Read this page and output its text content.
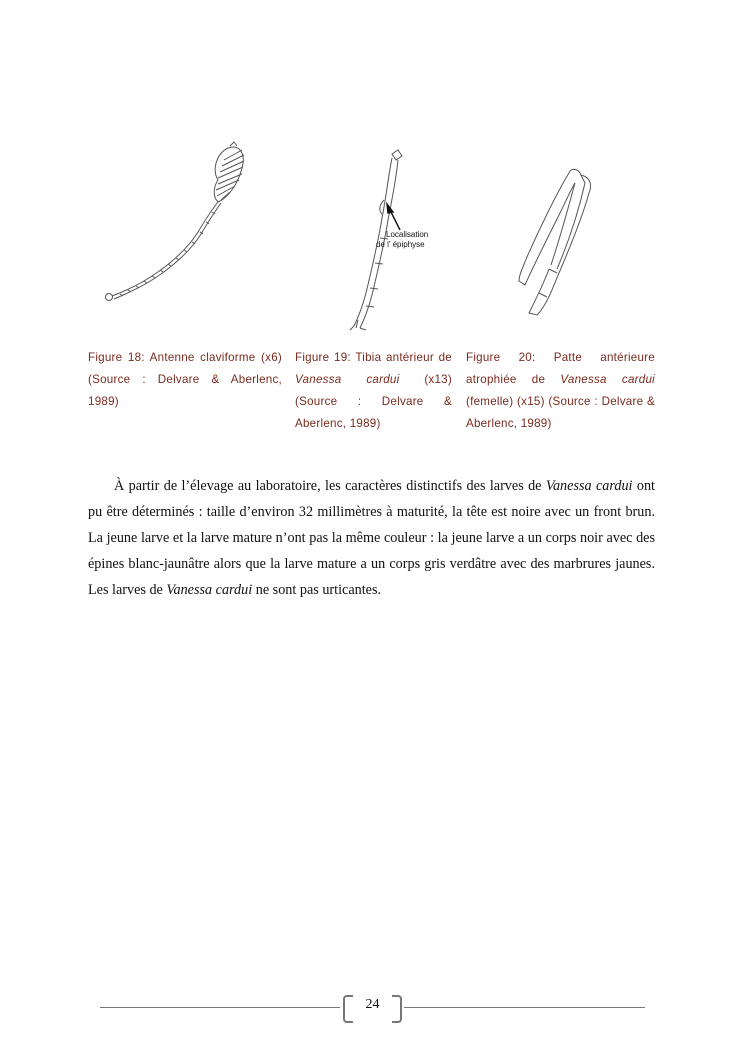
Localisation
de l’ épiphyse
Figure 18: Antenne claviforme (x6) (Source : Delvare & Aberlenc, 1989)
Figure 19: Tibia antérieur de Vanessa cardui (x13) (Source : Delvare & Aberlenc, 1989)
Figure 20: Patte antérieure atrophiée de Vanessa cardui (femelle) (x15) (Source : Delvare & Aberlenc, 1989)
À partir de l’élevage au laboratoire, les caractères distinctifs des larves de Vanessa cardui ont pu être déterminés : taille d’environ 32 millimètres à maturité, la tête est noire avec un front brun. La jeune larve et la larve mature n’ont pas la même couleur : la jeune larve a un corps noir avec des épines blanc-jaunâtre alors que la larve mature a un corps gris verdâtre avec des marbrures jaunes. Les larves de Vanessa cardui ne sont pas urticantes.
24
